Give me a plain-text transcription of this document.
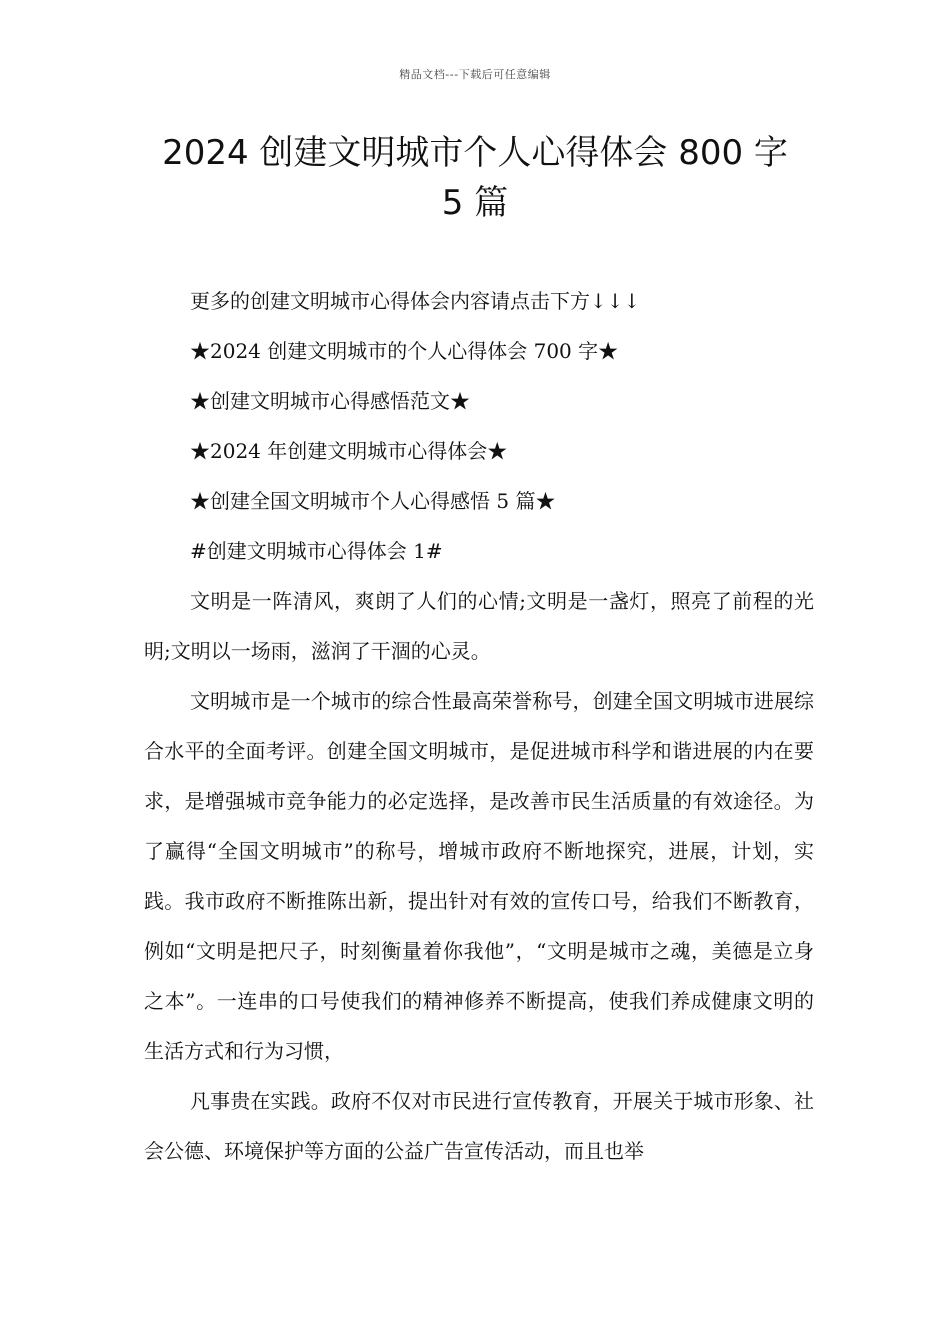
精品文档---下载后可任意编辑
2024 创建文明城市个人心得体会 800 字
5 篇

更多的创建文明城市心得体会内容请点击下方↓↓↓

★2024 创建文明城市的个人心得体会 700 字★
★创建文明城市心得感悟范文★
★2024 年创建文明城市心得体会★
★创建全国文明城市个人心得感悟 5 篇★

#创建文明城市心得体会 1#

文明是一阵清风，爽朗了人们的心情;文明是一盏灯，照亮了前程的光明;文明以一场雨，滋润了干涸的心灵。

文明城市是一个城市的综合性最高荣誉称号，创建全国文明城市进展综合水平的全面考评。创建全国文明城市，是促进城市科学和谐进展的内在要求，是增强城市竞争能力的必定选择，是改善市民生活质量的有效途径。为了赢得“全国文明城市”的称号，增城市政府不断地探究，进展，计划，实践。我市政府不断推陈出新，提出针对有效的宣传口号，给我们不断教育，例如“文明是把尺子，时刻衡量着你我他”，“文明是城市之魂，美德是立身之本”。一连串的口号使我们的精神修养不断提高，使我们养成健康文明的生活方式和行为习惯，

凡事贵在实践。政府不仅对市民进行宣传教育，开展关于城市形象、社会公德、环境保护等方面的公益广告宣传活动，而且也举
